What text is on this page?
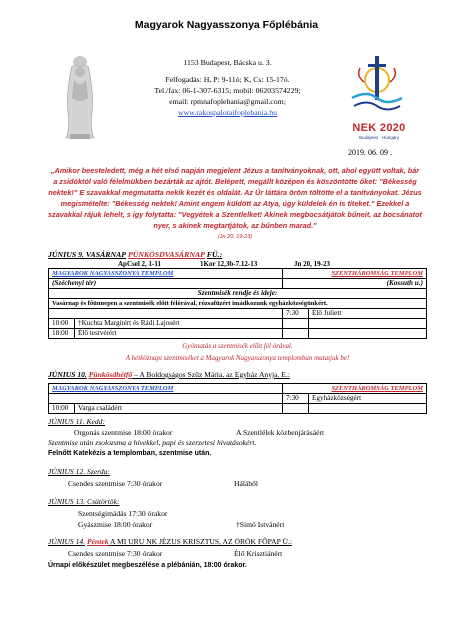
Magyarok Nagyasszonya Főplébánia
1153 Budapest, Bácska u. 3.
Felfogadás: H, P: 9-11ó; K, Cs: 15-17ó.
Tel./fax: 06-1-307-6315; mobil: 06203574229;
email: rpmnafoplebania@gmail.com;
www.rakospalotaifoplebania.hu
NEK 2020
Budapest · Hungary
2019. 06. 09 .
„Amikor beesteledett, még a hét első napján megjelent Jézus a tanítványoknak, ott, ahol együtt voltak, bár a zsidóktól való félelmükben bezárták az ajtót. Belépett, megállt középen és köszöntötte őket: "Békesség nektek!" E szavakkal megmutatta nekik kezét és oldalát. Az Úr láttára öröm töltötte el a tanítványokat. Jézus megismételte: "Békesség nektek! Amint engem küldött az Atya, úgy küldelek én is titeket." Ezekkel a szavakkal rájuk lehelt, s így folytatta: "Vegyétek a Szentlelket! Akinek megbocsátjátok bűneit, az bocsánatot nyer, s akinek megtartjátok, az bűnben marad."
(Jn 20, 19-23)
JÚNIUS 9. VASÁRNAP PÜNKÖSDVASÁRNAP FÜ.:
ApCsel 2, 1-11	1Kor 12,3b-7.12-13	Jn 20, 19-23
MAGYAROK NAGYASSZONYA TEMPLOM		SZENTHÁROMSÁG TEMPLOM	
(Széchenyi tér)		(Kossuth u.)	
Szentmisék rendje és ideje:			
Vasárnap és főünnepen a szentmisék előtt félórával, rózsafüzért imádkozunk egyházközségünkért.			
		7:30	Élő Juliett
10:00	†Kuchta Margitért és Rádi Lajosért		
18:00	Élő testvérért		
Gyóntatás a szentmisék előtt fél órával.
A hétköznapi szentmiséket a Magyarok Nagyasszonya templomban mutatjuk be!
JÚNIUS 10. Pünkösdhétfő – A Boldogságos Szűz Mária, az Egyház Anyja. E.:
MAGYAROK NAGYASSZONYA TEMPLOM		SZENTHÁROMSÁG TEMPLOM	
		7:30	Egyházközségért
10:00	Varga családért		
JÚNIUS 11. Kedd:
Orgonás szentmise 18:00 órakor	A Szentlélek közbenjárásáért
Szentmise után zsolozsma a hívekkel, papi és szerzetesi hivatásokért.
Felnőtt Katekézis a templomban, szentmise után.
JÚNIUS 12. Szerda:
Csendes szentmise 7:30 órakor	Háláből
JÚNIUS 13. Csütörtök:
Szentségimádás 17:30 órakor
Gyászmise 18:00 órakor	†Simó Istvánért
JÚNIUS 14. Péntek A MI URU NK JÉZUS KRISZTUS, AZ ÖRÖK FŐPAP Ü.:
Csendes szentmise 7:30 órakor	Élő Krisztiánért
Úrnapi előkészület megbeszélése a plébánián, 18:00 órakor.
